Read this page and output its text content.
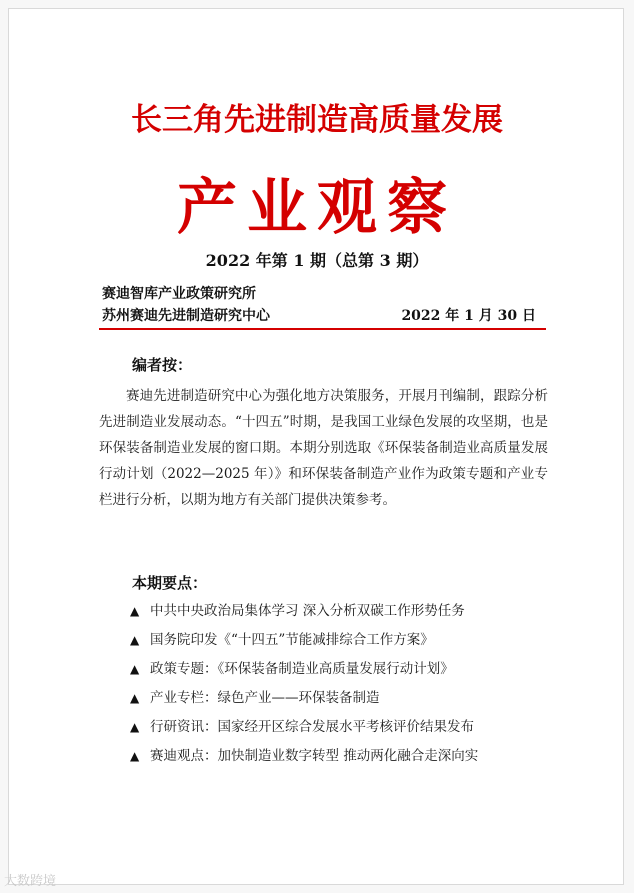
长三角先进制造高质量发展
产业观察
2022 年第 1 期（总第 3 期）
赛迪智库产业政策研究所
苏州赛迪先进制造研究中心	2022 年 1 月 30 日
编者按：
赛迪先进制造研究中心为强化地方决策服务，开展月刊编制，跟踪分析先进制造业发展动态。“十四五”时期，是我国工业绿色发展的攻坚期，也是环保装备制造业发展的窗口期。本期分别选取《环保装备制造业高质量发展行动计划（2022—2025 年）》和环保装备制造产业作为政策专题和产业专栏进行分析，以期为地方有关部门提供决策参考。
本期要点：
▲ 中共中央政治局集体学习 深入分析双碳工作形势任务
▲ 国务院印发《“十四五”节能减排综合工作方案》
▲ 政策专题：《环保装备制造业高质量发展行动计划》
▲ 产业专栏：绿色产业——环保装备制造
▲ 行研资讯：国家经开区综合发展水平考核评价结果发布
▲ 赛迪观点：加快制造业数字转型 推动两化融合走深向实
大数跨境
